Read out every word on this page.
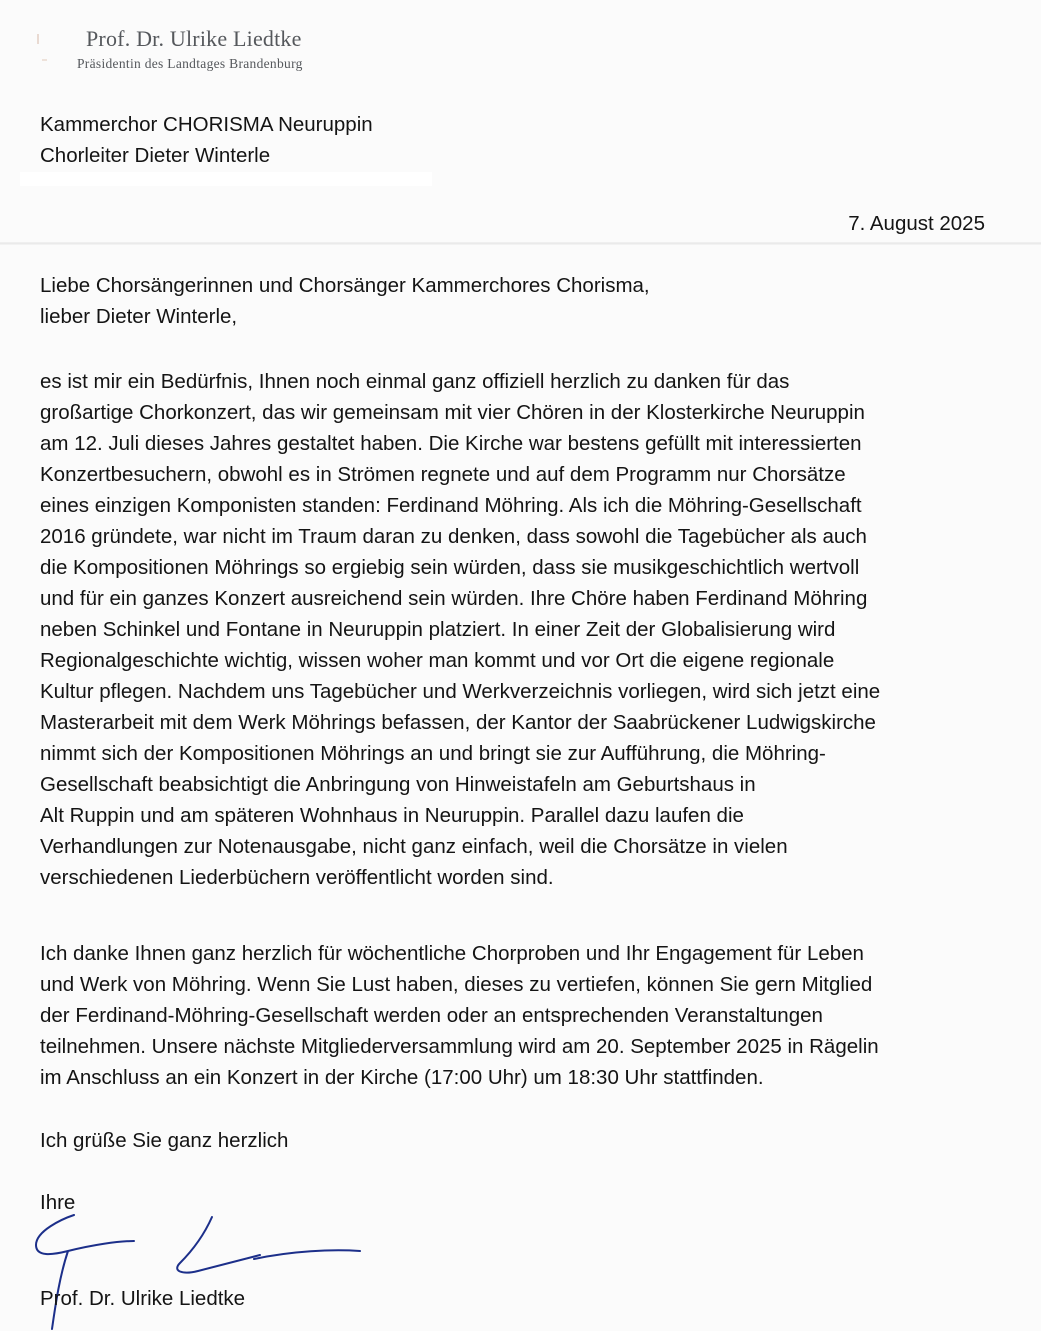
Prof. Dr. Ulrike Liedtke
Präsidentin des Landtages Brandenburg
Kammerchor CHORISMA Neuruppin
Chorleiter Dieter Winterle
7. August 2025
Liebe Chorsängerinnen und Chorsänger Kammerchores Chorisma,
lieber Dieter Winterle,
es ist mir ein Bedürfnis, Ihnen noch einmal ganz offiziell herzlich zu danken für das
großartige Chorkonzert, das wir gemeinsam mit vier Chören in der Klosterkirche Neuruppin
am 12. Juli dieses Jahres gestaltet haben. Die Kirche war bestens gefüllt mit interessierten
Konzertbesuchern, obwohl es in Strömen regnete und auf dem Programm nur Chorsätze
eines einzigen Komponisten standen: Ferdinand Möhring. Als ich die Möhring-Gesellschaft
2016 gründete, war nicht im Traum daran zu denken, dass sowohl die Tagebücher als auch
die Kompositionen Möhrings so ergiebig sein würden, dass sie musikgeschichtlich wertvoll
und für ein ganzes Konzert ausreichend sein würden. Ihre Chöre haben Ferdinand Möhring
neben Schinkel und Fontane in Neuruppin platziert. In einer Zeit der Globalisierung wird
Regionalgeschichte wichtig, wissen woher man kommt und vor Ort die eigene regionale
Kultur pflegen. Nachdem uns Tagebücher und Werkverzeichnis vorliegen, wird sich jetzt eine
Masterarbeit mit dem Werk Möhrings befassen, der Kantor der Saabrückener Ludwigskirche
nimmt sich der Kompositionen Möhrings an und bringt sie zur Aufführung, die Möhring-
Gesellschaft beabsichtigt die Anbringung von Hinweistafeln am Geburtshaus in
Alt Ruppin und am späteren Wohnhaus in Neuruppin. Parallel dazu laufen die
Verhandlungen zur Notenausgabe, nicht ganz einfach, weil die Chorsätze in vielen
verschiedenen Liederbüchern veröffentlicht worden sind.
Ich danke Ihnen ganz herzlich für wöchentliche Chorproben und Ihr Engagement für Leben
und Werk von Möhring. Wenn Sie Lust haben, dieses zu vertiefen, können Sie gern Mitglied
der Ferdinand-Möhring-Gesellschaft werden oder an entsprechenden Veranstaltungen
teilnehmen. Unsere nächste Mitgliederversammlung wird am 20. September 2025 in Rägelin
im Anschluss an ein Konzert in der Kirche (17:00 Uhr) um 18:30 Uhr stattfinden.
Ich grüße Sie ganz herzlich
Ihre
Prof. Dr. Ulrike Liedtke
